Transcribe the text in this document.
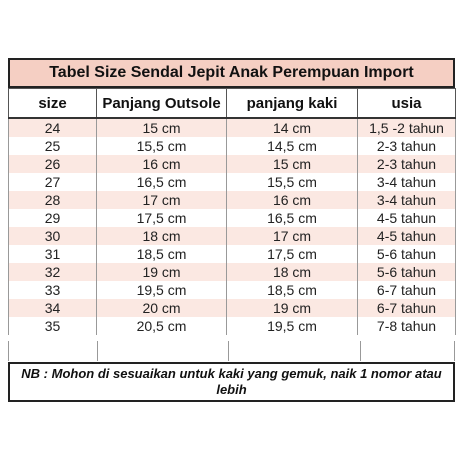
Tabel Size Sendal Jepit Anak Perempuan Import
size	Panjang Outsole	panjang kaki	usia
24	15 cm	14 cm	1,5 -2 tahun
25	15,5 cm	14,5 cm	2-3 tahun
26	16 cm	15 cm	2-3 tahun
27	16,5 cm	15,5 cm	3-4 tahun
28	17 cm	16 cm	3-4 tahun
29	17,5 cm	16,5 cm	4-5 tahun
30	18 cm	17 cm	4-5 tahun
31	18,5 cm	17,5 cm	5-6 tahun
32	19 cm	18 cm	5-6 tahun
33	19,5 cm	18,5 cm	6-7 tahun
34	20 cm	19 cm	6-7 tahun
35	20,5 cm	19,5 cm	7-8 tahun
NB : Mohon di sesuaikan untuk kaki yang gemuk, naik 1 nomor atau lebih
